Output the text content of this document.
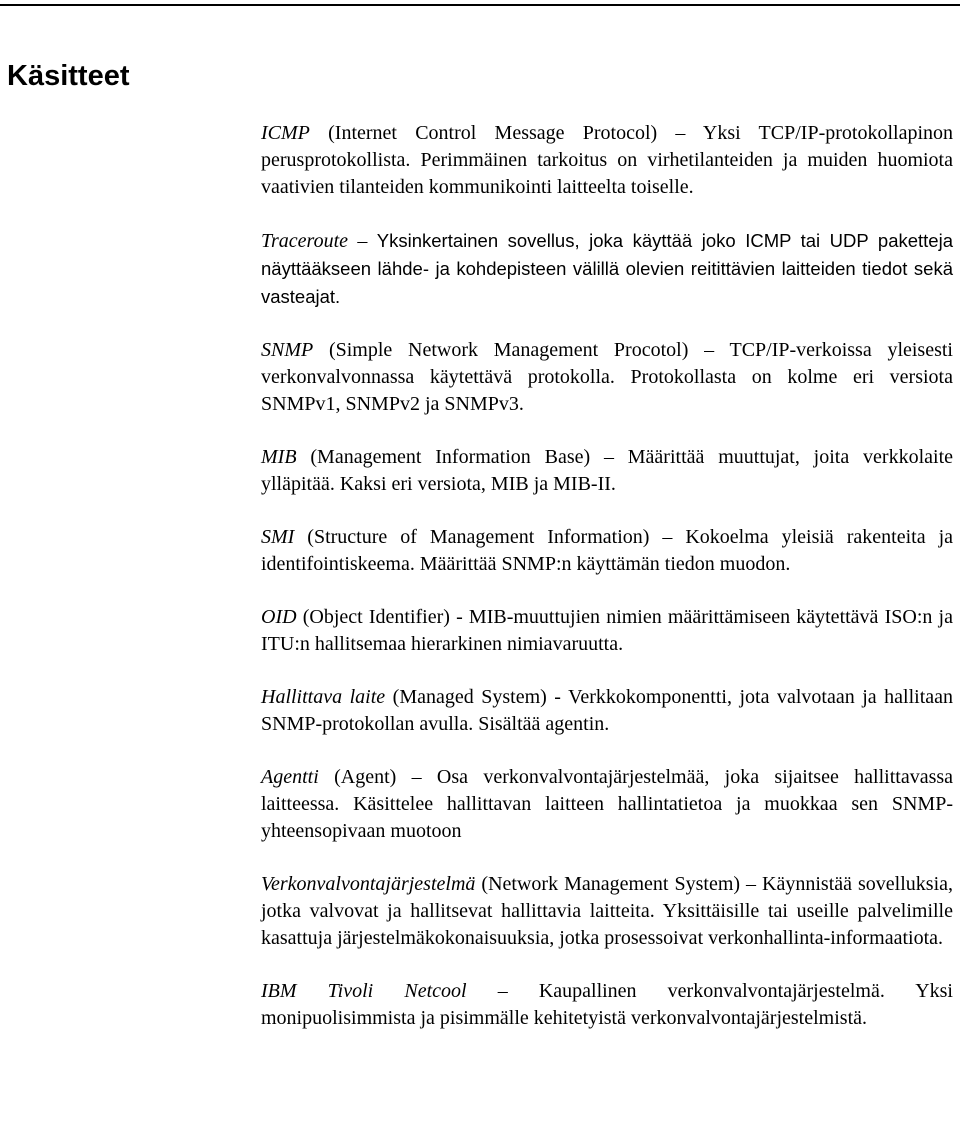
Käsitteet

ICMP (Internet Control Message Protocol) – Yksi TCP/IP-protokollapinon perusprotokollista. Perimmäinen tarkoitus on virhetilanteiden ja muiden huomiota vaativien tilanteiden kommunikointi laitteelta toiselle.

Traceroute – Yksinkertainen sovellus, joka käyttää joko ICMP tai UDP paketteja näyttääkseen lähde- ja kohdepisteen välillä olevien reitittävien laitteiden tiedot sekä vasteajat.

SNMP (Simple Network Management Procotol) – TCP/IP-verkoissa yleisesti verkonvalvonnassa käytettävä protokolla. Protokollasta on kolme eri versiota SNMPv1, SNMPv2 ja SNMPv3.

MIB (Management Information Base) – Määrittää muuttujat, joita verkkolaite ylläpitää. Kaksi eri versiota, MIB ja MIB-II.

SMI (Structure of Management Information) – Kokoelma yleisiä rakenteita ja identifointiskeema. Määrittää SNMP:n käyttämän tiedon muodon.

OID (Object Identifier) - MIB-muuttujien nimien määrittämiseen käytettävä ISO:n ja ITU:n hallitsemaa hierarkinen nimiavaruutta.

Hallittava laite (Managed System) - Verkkokomponentti, jota valvotaan ja hallitaan SNMP-protokollan avulla. Sisältää agentin.

Agentti (Agent) – Osa verkonvalvontajärjestelmää, joka sijaitsee hallittavassa laitteessa. Käsittelee hallittavan laitteen hallintatietoa ja muokkaa sen SNMP-yhteensopivaan muotoon

Verkonvalvontajärjestelmä (Network Management System) – Käynnistää sovelluksia, jotka valvovat ja hallitsevat hallittavia laitteita. Yksittäisille tai useille palvelimille kasattuja järjestelmäkokonaisuuksia, jotka prosessoivat verkonhallinta-informaatiota.

IBM Tivoli Netcool – Kaupallinen verkonvalvontajärjestelmä. Yksi monipuolisimmista ja pisimmälle kehitetyistä verkonvalvontajärjestelmistä.
